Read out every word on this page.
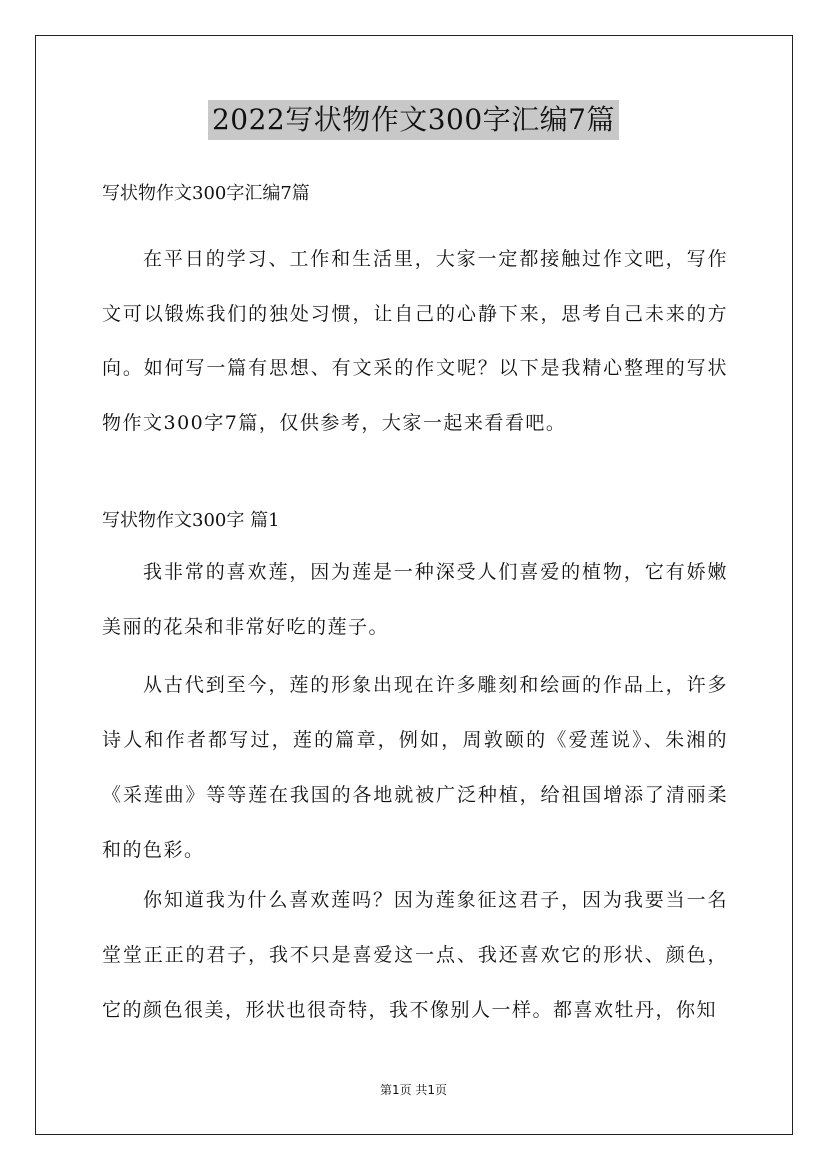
2022写状物作文300字汇编7篇
写状物作文300字汇编7篇

在平日的学习、工作和生活里，大家一定都接触过作文吧，写作文可以锻炼我们的独处习惯，让自己的心静下来，思考自己未来的方向。如何写一篇有思想、有文采的作文呢？以下是我精心整理的写状物作文300字7篇，仅供参考，大家一起来看看吧。

写状物作文300字 篇1

我非常的喜欢莲，因为莲是一种深受人们喜爱的植物，它有娇嫩美丽的花朵和非常好吃的莲子。

从古代到至今，莲的形象出现在许多雕刻和绘画的作品上，许多诗人和作者都写过，莲的篇章，例如，周敦颐的《爱莲说》、朱湘的《采莲曲》等等莲在我国的各地就被广泛种植，给祖国增添了清丽柔和的色彩。

你知道我为什么喜欢莲吗？因为莲象征这君子，因为我要当一名堂堂正正的君子，我不只是喜爱这一点、我还喜欢它的形状、颜色，它的颜色很美，形状也很奇特，我不像别人一样。都喜欢牡丹，你知

第1页 共1页
